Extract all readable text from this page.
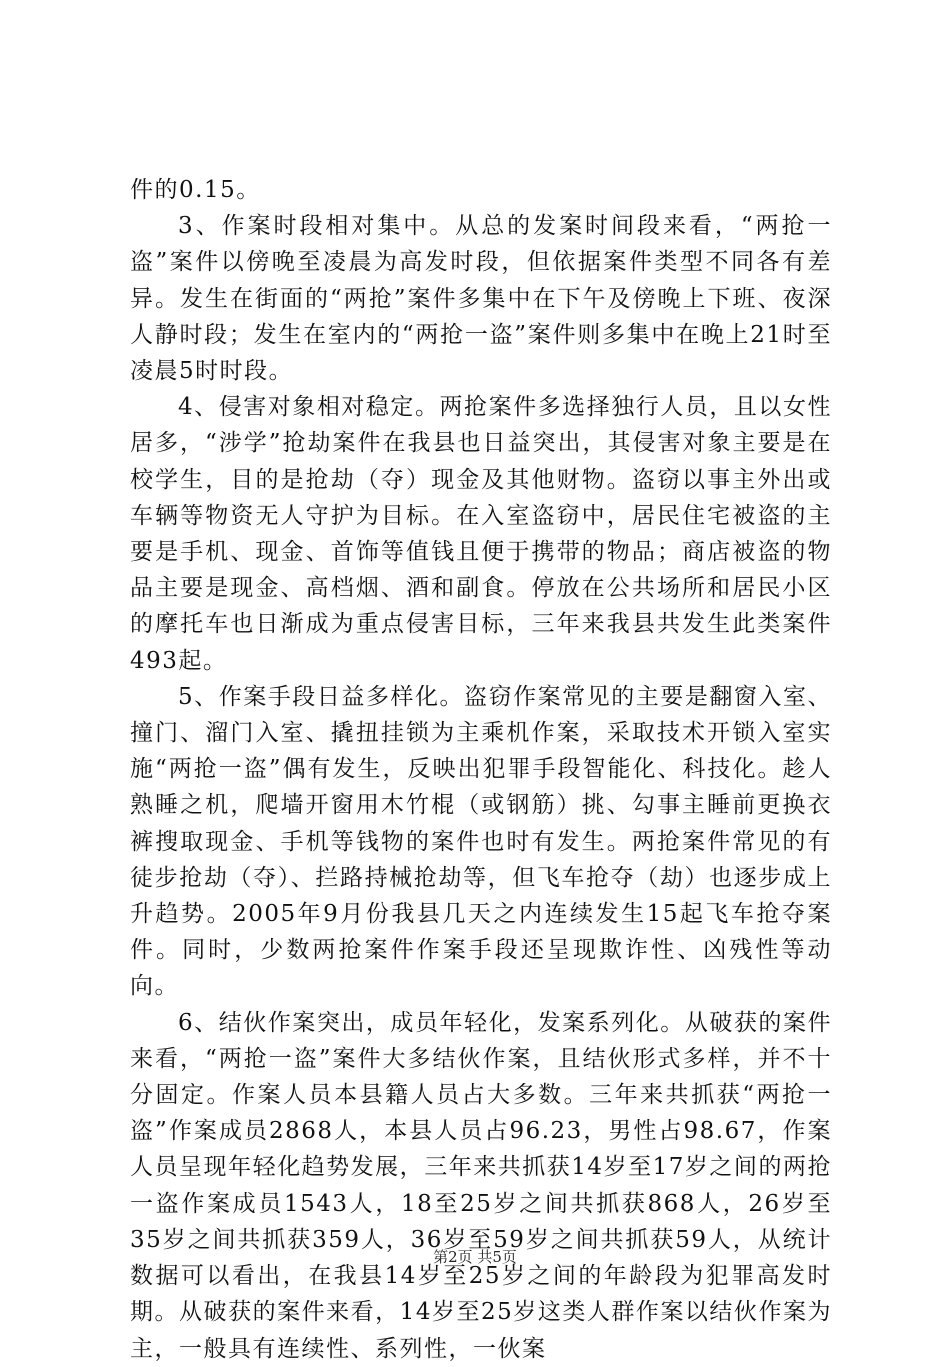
件的0.15。

3、作案时段相对集中。从总的发案时间段来看，“两抢一盗”案件以傍晚至凌晨为高发时段，但依据案件类型不同各有差异。发生在街面的“两抢”案件多集中在下午及傍晚上下班、夜深人静时段；发生在室内的“两抢一盗”案件则多集中在晚上21时至凌晨5时时段。

4、侵害对象相对稳定。两抢案件多选择独行人员，且以女性居多，“涉学”抢劫案件在我县也日益突出，其侵害对象主要是在校学生，目的是抢劫（夺）现金及其他财物。盗窃以事主外出或车辆等物资无人守护为目标。在入室盗窃中，居民住宅被盗的主要是手机、现金、首饰等值钱且便于携带的物品；商店被盗的物品主要是现金、高档烟、酒和副食。停放在公共场所和居民小区的摩托车也日渐成为重点侵害目标，三年来我县共发生此类案件493起。

5、作案手段日益多样化。盗窃作案常见的主要是翻窗入室、撞门、溜门入室、撬扭挂锁为主乘机作案，采取技术开锁入室实施“两抢一盗”偶有发生，反映出犯罪手段智能化、科技化。趁人熟睡之机，爬墙开窗用木竹棍（或钢筋）挑、勾事主睡前更换衣裤搜取现金、手机等钱物的案件也时有发生。两抢案件常见的有徒步抢劫（夺）、拦路持械抢劫等，但飞车抢夺（劫）也逐步成上升趋势。2005年9月份我县几天之内连续发生15起飞车抢夺案件。同时，少数两抢案件作案手段还呈现欺诈性、凶残性等动向。

6、结伙作案突出，成员年轻化，发案系列化。从破获的案件来看，“两抢一盗”案件大多结伙作案，且结伙形式多样，并不十分固定。作案人员本县籍人员占大多数。三年来共抓获“两抢一盗”作案成员2868人，本县人员占96.23，男性占98.67，作案人员呈现年轻化趋势发展，三年来共抓获14岁至17岁之间的两抢一盗作案成员1543人，18至25岁之间共抓获868人，26岁至35岁之间共抓获359人，36岁至59岁之间共抓获59人，从统计数据可以看出，在我县14岁至25岁之间的年龄段为犯罪高发时期。从破获的案件来看，14岁至25岁这类人群作案以结伙作案为主，一般具有连续性、系列性，一伙案

第2页 共5页
